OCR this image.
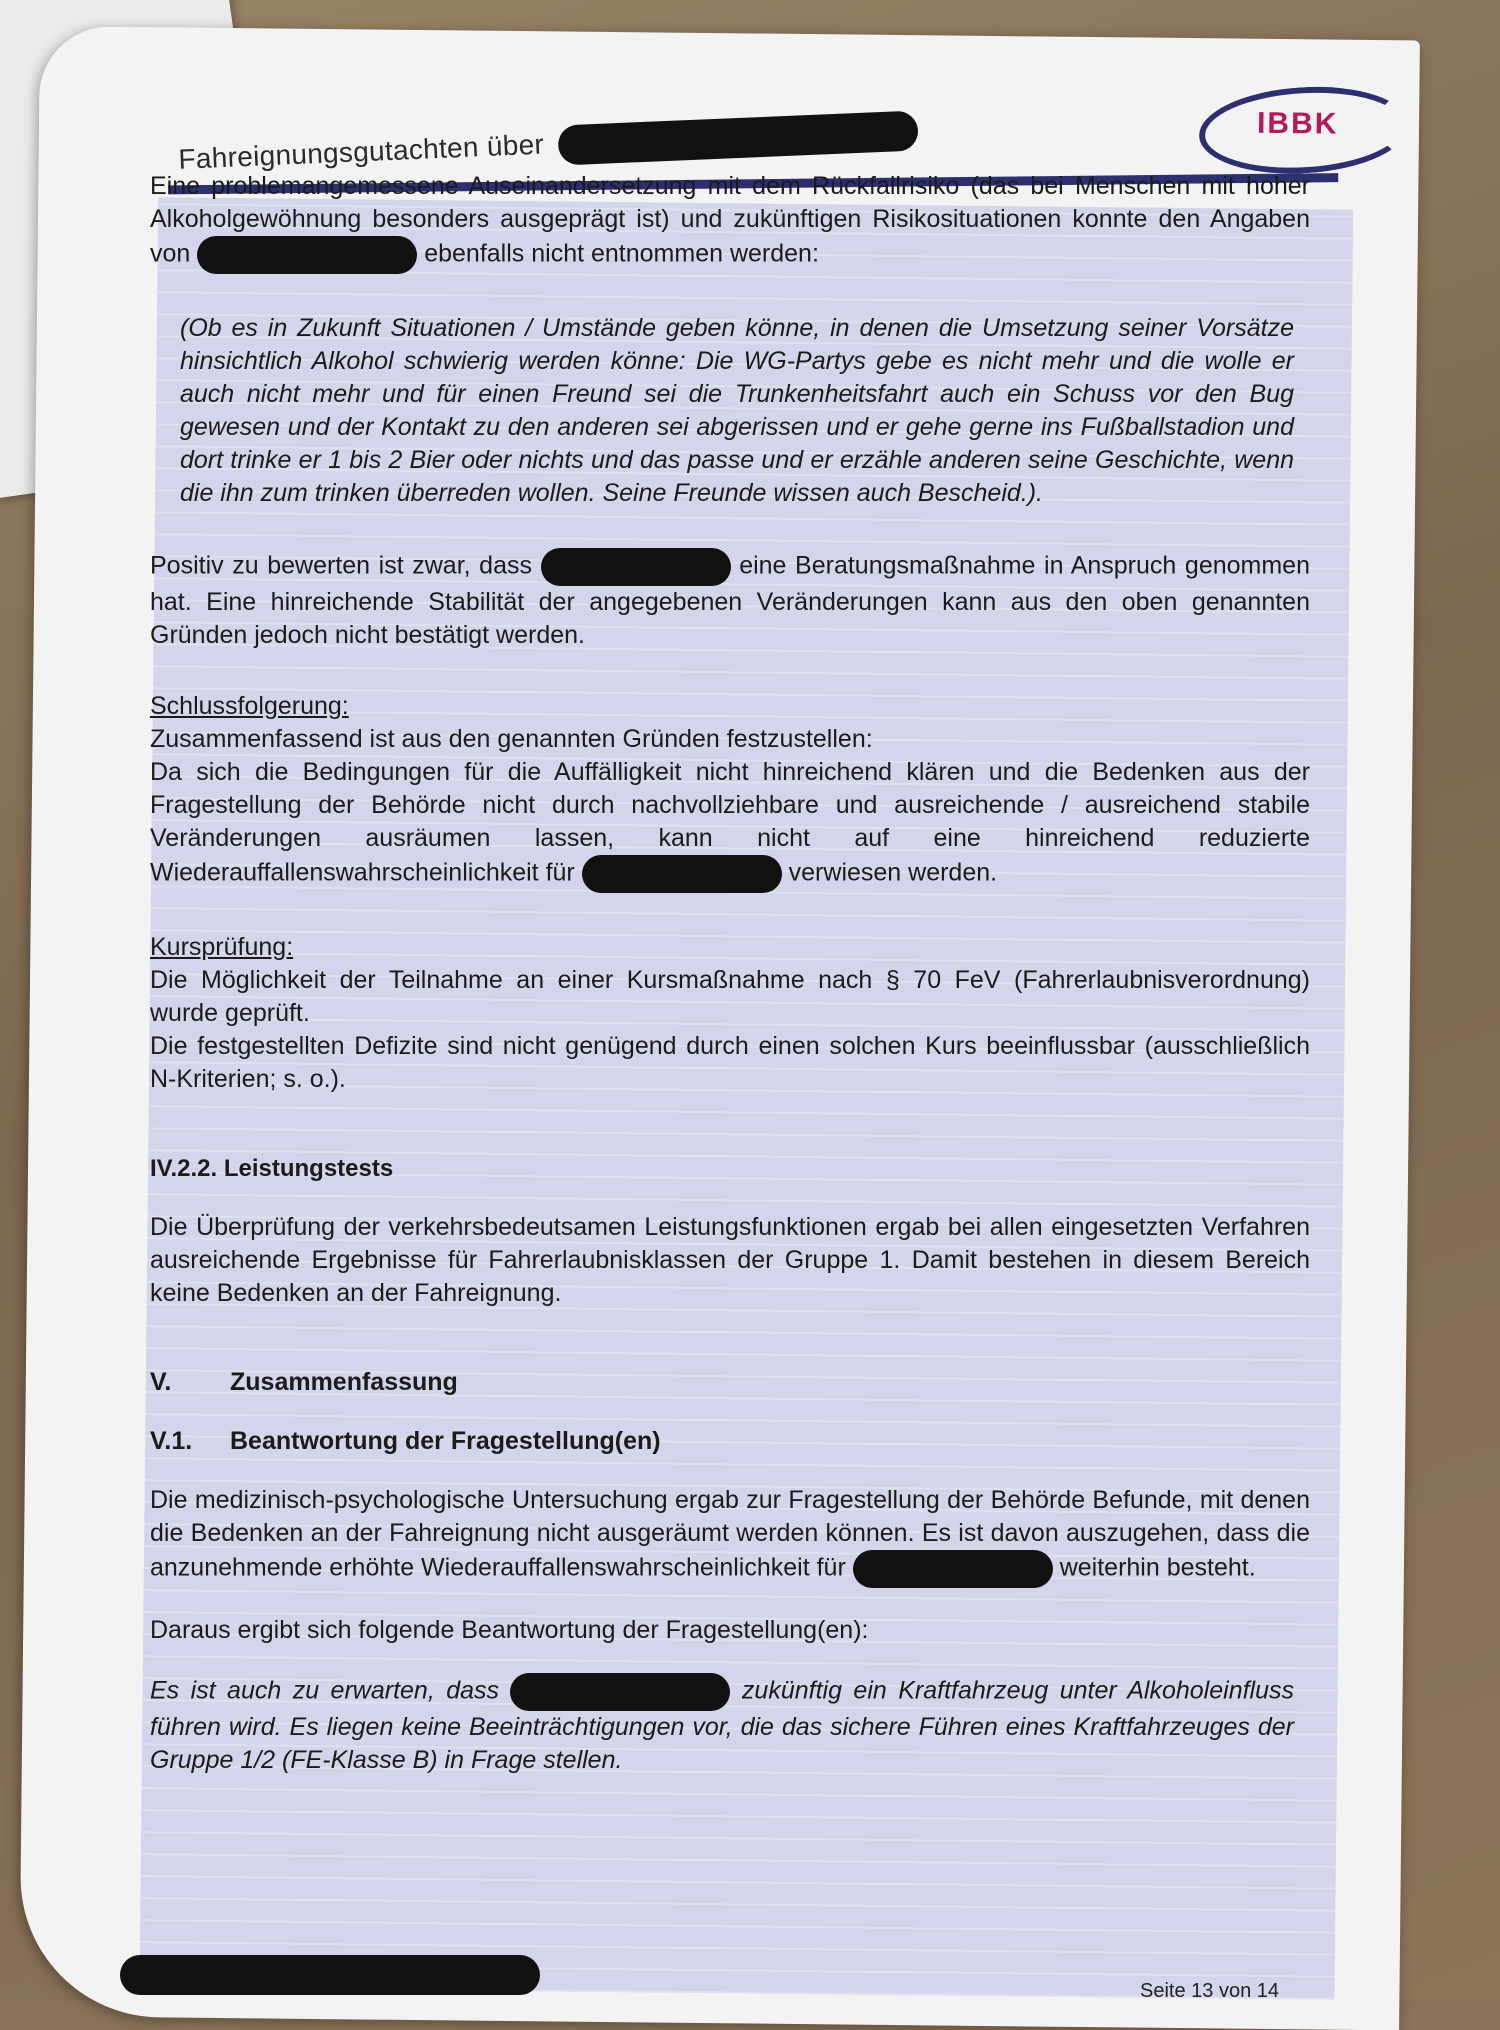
Fahreignungsgutachten über
IBBK

Eine problemangemessene Auseinandersetzung mit dem Rückfallrisiko (das bei Menschen mit hoher Alkoholgewöhnung besonders ausgeprägt ist) und zukünftigen Risikosituationen konnte den Angaben von	ebenfalls nicht entnommen werden:

(Ob es in Zukunft Situationen / Umstände geben könne, in denen die Umsetzung seiner Vorsätze hinsichtlich Alkohol schwierig werden könne: Die WG-Partys gebe es nicht mehr und die wolle er auch nicht mehr und für einen Freund sei die Trunkenheitsfahrt auch ein Schuss vor den Bug gewesen und der Kontakt zu den anderen sei abgerissen und er gehe gerne ins Fußballstadion und dort trinke er 1 bis 2 Bier oder nichts und das passe und er erzähle anderen seine Geschichte, wenn die ihn zum trinken überreden wollen. Seine Freunde wissen auch Bescheid.).

Positiv zu bewerten ist zwar, dass	eine Beratungsmaßnahme in Anspruch genommen hat. Eine hinreichende Stabilität der angegebenen Veränderungen kann aus den oben genannten Gründen jedoch nicht bestätigt werden.

Schlussfolgerung:
Zusammenfassend ist aus den genannten Gründen festzustellen:

Da sich die Bedingungen für die Auffälligkeit nicht hinreichend klären und die Bedenken aus der Fragestellung der Behörde nicht durch nachvollziehbare und ausreichende / ausreichend stabile Veränderungen ausräumen lassen, kann nicht auf eine hinreichend reduzierte Wiederauffallenswahrscheinlichkeit für	verwiesen werden.

Kursprüfung:

Die Möglichkeit der Teilnahme an einer Kursmaßnahme nach § 70 FeV (Fahrerlaubnisverordnung) wurde geprüft.

Die festgestellten Defizite sind nicht genügend durch einen solchen Kurs beeinflussbar (ausschließlich N-Kriterien; s. o.).

IV.2.2. Leistungstests

Die Überprüfung der verkehrsbedeutsamen Leistungsfunktionen ergab bei allen eingesetzten Verfahren ausreichende Ergebnisse für Fahrerlaubnisklassen der Gruppe 1. Damit bestehen in diesem Bereich keine Bedenken an der Fahreignung.

V.	Zusammenfassung
V.1.	Beantwortung der Fragestellung(en)

Die medizinisch-psychologische Untersuchung ergab zur Fragestellung der Behörde Befunde, mit denen die Bedenken an der Fahreignung nicht ausgeräumt werden können. Es ist davon auszugehen, dass die anzunehmende erhöhte Wiederauffallenswahrscheinlichkeit für	weiterhin besteht.

Daraus ergibt sich folgende Beantwortung der Fragestellung(en):

Es ist auch zu erwarten, dass	zukünftig ein Kraftfahrzeug unter Alkoholeinfluss führen wird. Es liegen keine Beeinträchtigungen vor, die das sichere Führen eines Kraftfahrzeuges der Gruppe 1/2 (FE-Klasse B) in Frage stellen.

Seite 13 von 14
